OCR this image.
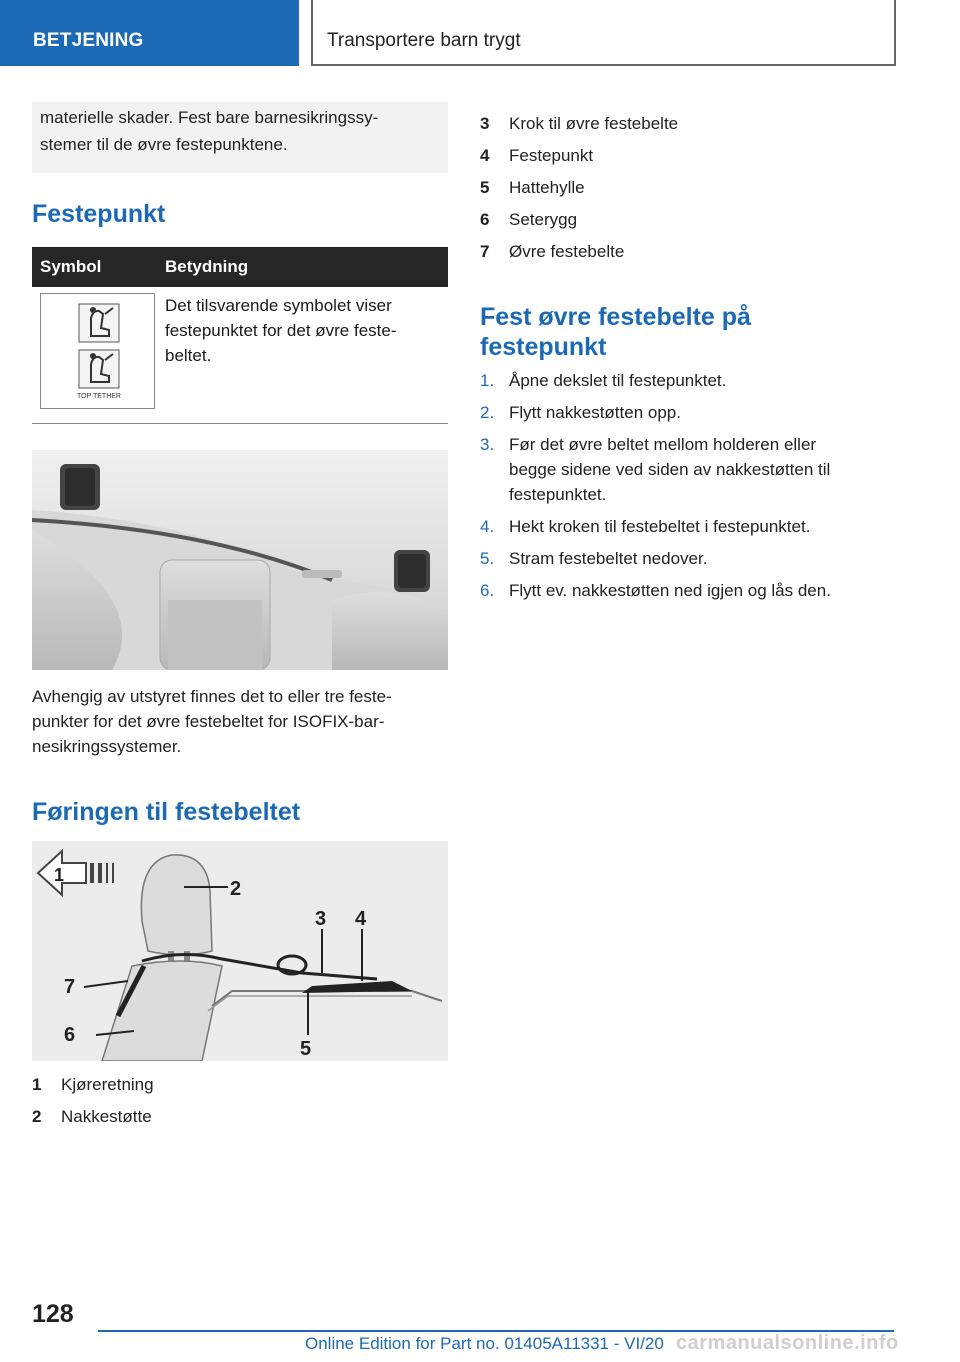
BETJENING	Transportere barn trygt
materielle skader. Fest bare barnesikringssy-
stemer til de øvre festepunktene.
Festepunkt
Symbol	Betydning

TOP TETHER	Det tilsvarende symbolet viser
festepunktet for det øvre feste-
beltet.
Avhengig av utstyret finnes det to eller tre feste-
punkter for det øvre festebeltet for ISOFIX-bar-
nesikringssystemer.
Føringen til festebeltet
1
2
3 4
5
6
7
1	Kjøreretning
2	Nakkestøtte
3	Krok til øvre festebelte
4	Festepunkt
5	Hattehylle
6	Seterygg
7	Øvre festebelte
Fest øvre festebelte på
festepunkt
1. Åpne dekslet til festepunktet.
2. Flytt nakkestøtten opp.
3. Før det øvre beltet mellom holderen eller
begge sidene ved siden av nakkestøtten til
festepunktet.
4. Hekt kroken til festebeltet i festepunktet.
5. Stram festebeltet nedover.
6. Flytt ev. nakkestøtten ned igjen og lås den.
128
Online Edition for Part no. 01405A11331 - VI/20 carmanualsonline.info
